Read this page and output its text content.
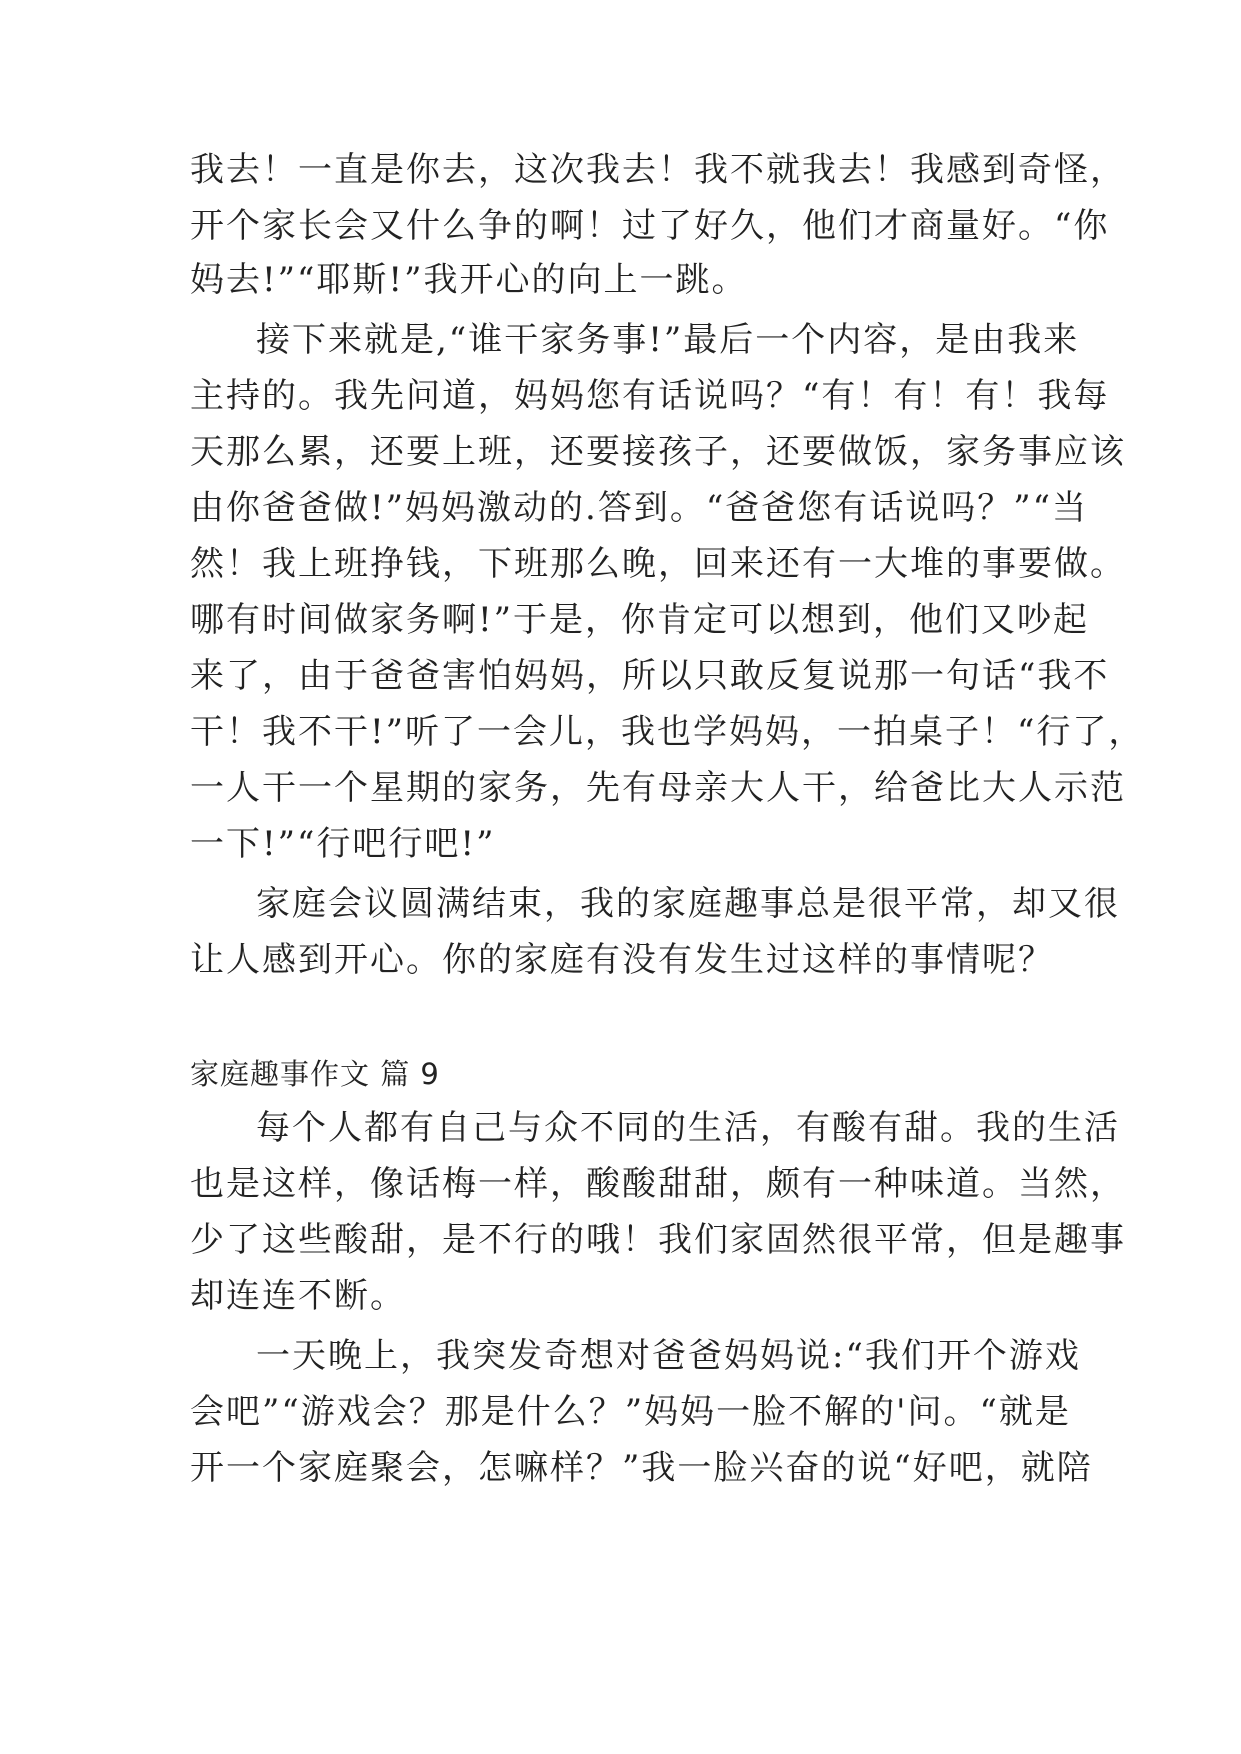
我去！一直是你去，这次我去！我不就我去！我感到奇怪，
开个家长会又什么争的啊！过了好久，他们才商量好。“你
妈去!”“耶斯!”我开心的向上一跳。
接下来就是,“谁干家务事!”最后一个内容，是由我来
主持的。我先问道，妈妈您有话说吗？“有！有！有！我每
天那么累，还要上班，还要接孩子，还要做饭，家务事应该
由你爸爸做!”妈妈激动的.答到。“爸爸您有话说吗？”“当
然！我上班挣钱，下班那么晚，回来还有一大堆的事要做。
哪有时间做家务啊!”于是，你肯定可以想到，他们又吵起
来了，由于爸爸害怕妈妈，所以只敢反复说那一句话“我不
干！我不干!”听了一会儿，我也学妈妈，一拍桌子！“行了，
一人干一个星期的家务，先有母亲大人干，给爸比大人示范
一下!”“行吧行吧!”
家庭会议圆满结束，我的家庭趣事总是很平常，却又很
让人感到开心。你的家庭有没有发生过这样的事情呢？
家庭趣事作文 篇 9
每个人都有自己与众不同的生活，有酸有甜。我的生活
也是这样，像话梅一样，酸酸甜甜，颇有一种味道。当然，
少了这些酸甜，是不行的哦！我们家固然很平常，但是趣事
却连连不断。
一天晚上，我突发奇想对爸爸妈妈说:“我们开个游戏
会吧”“游戏会？那是什么？”妈妈一脸不解的'问。“就是
开一个家庭聚会，怎嘛样？”我一脸兴奋的说“好吧，就陪
